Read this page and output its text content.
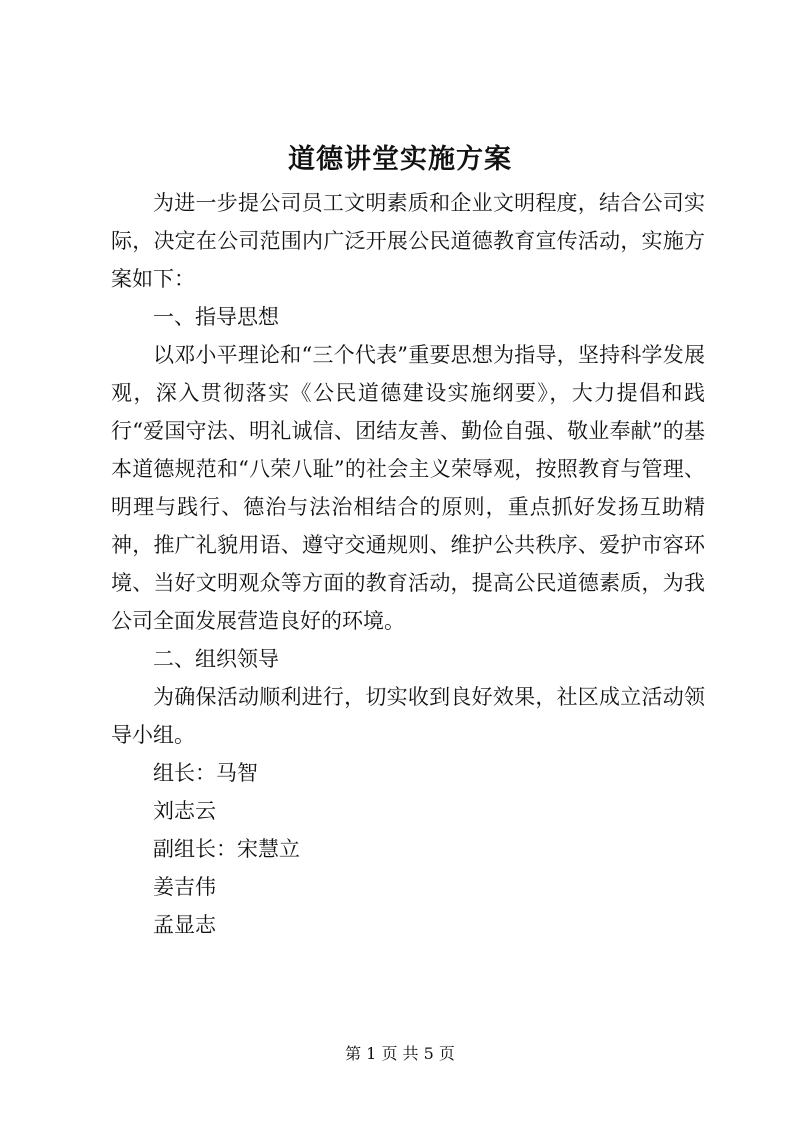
道德讲堂实施方案

为进一步提公司员工文明素质和企业文明程度，结合公司实际，决定在公司范围内广泛开展公民道德教育宣传活动，实施方案如下：

一、指导思想

以邓小平理论和“三个代表”重要思想为指导，坚持科学发展观，深入贯彻落实《公民道德建设实施纲要》，大力提倡和践行“爱国守法、明礼诚信、团结友善、勤俭自强、敬业奉献”的基本道德规范和“八荣八耻”的社会主义荣辱观，按照教育与管理、明理与践行、德治与法治相结合的原则，重点抓好发扬互助精神，推广礼貌用语、遵守交通规则、维护公共秩序、爱护市容环境、当好文明观众等方面的教育活动，提高公民道德素质，为我公司全面发展营造良好的环境。

二、组织领导

为确保活动顺利进行，切实收到良好效果，社区成立活动领导小组。

组长：马智

刘志云

副组长：宋慧立

姜吉伟

孟显志

第 1 页 共 5 页
